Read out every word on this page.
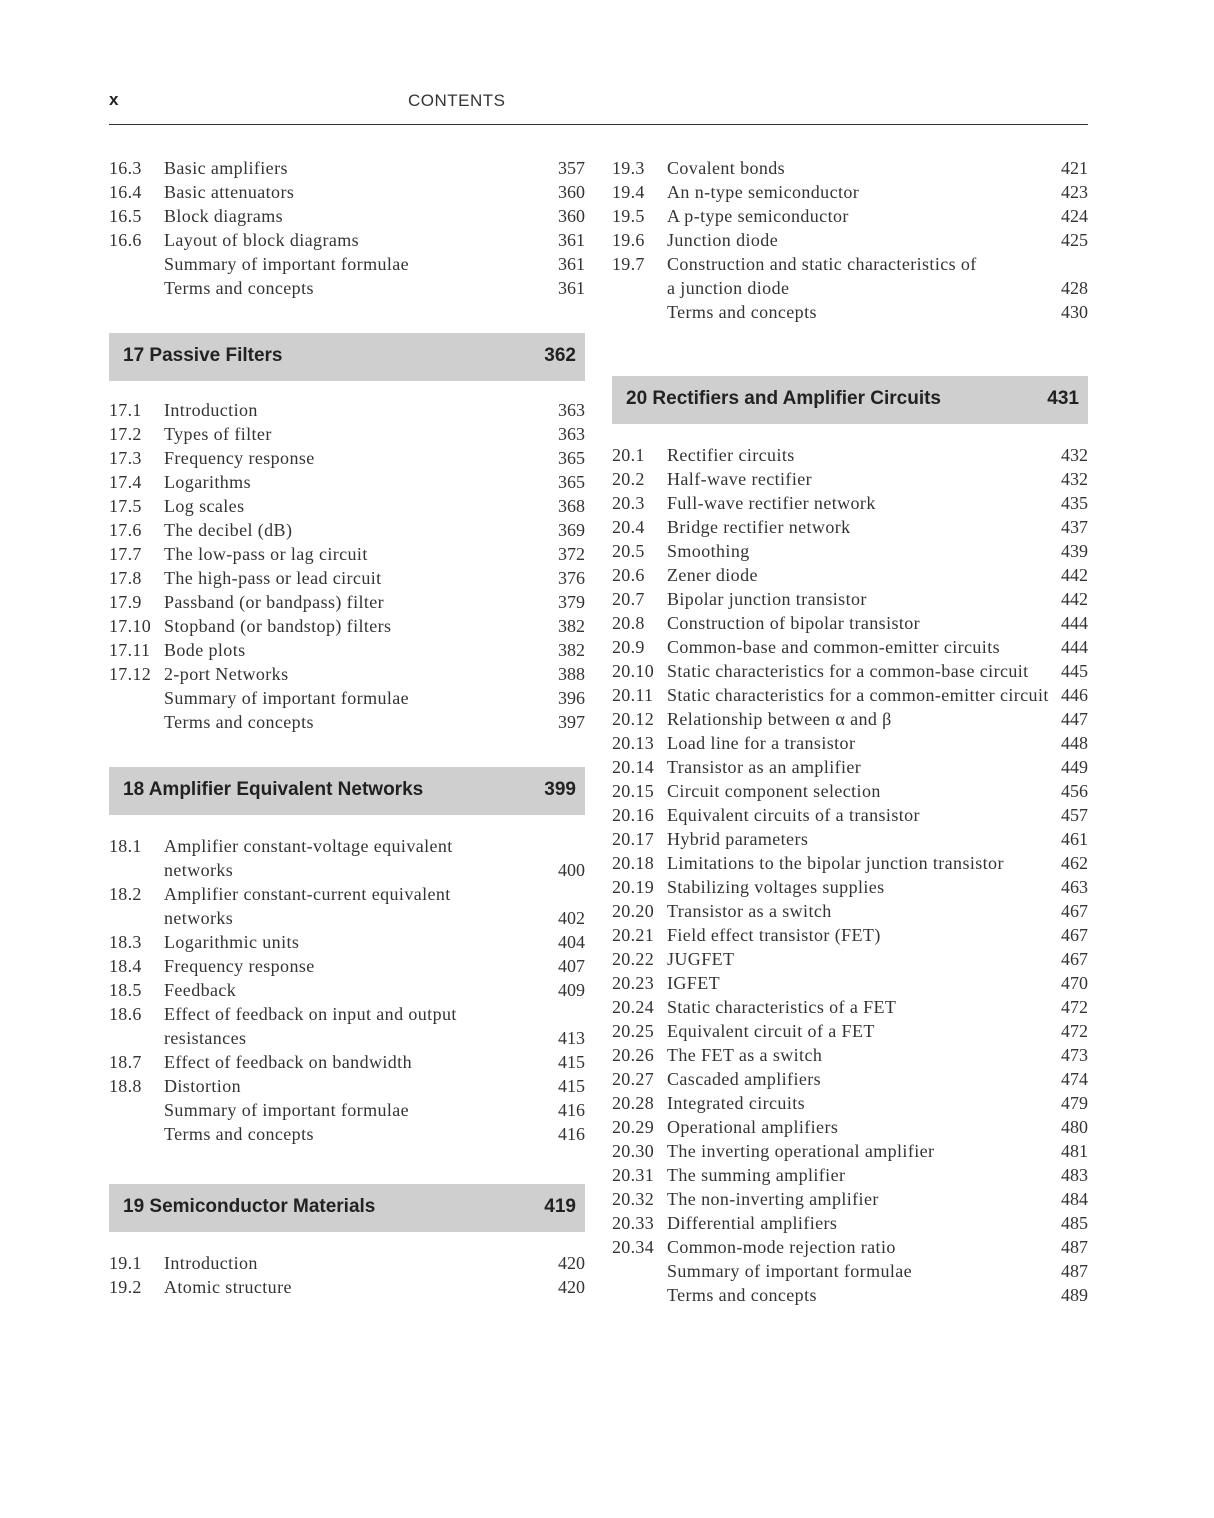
x	CONTENTS
16.3 Basic amplifiers	357
16.4 Basic attenuators	360
16.5 Block diagrams	360
16.6 Layout of block diagrams	361
Summary of important formulae	361
Terms and concepts	361
17 Passive Filters	362
17.1 Introduction	363
17.2 Types of filter	363
17.3 Frequency response	365
17.4 Logarithms	365
17.5 Log scales	368
17.6 The decibel (dB)	369
17.7 The low-pass or lag circuit	372
17.8 The high-pass or lead circuit	376
17.9 Passband (or bandpass) filter	379
17.10 Stopband (or bandstop) filters	382
17.11 Bode plots	382
17.12 2-port Networks	388
Summary of important formulae	396
Terms and concepts	397
18 Amplifier Equivalent Networks	399
18.1 Amplifier constant-voltage equivalent
networks	400
18.2 Amplifier constant-current equivalent
networks	402
18.3 Logarithmic units	404
18.4 Frequency response	407
18.5 Feedback	409
18.6 Effect of feedback on input and output
resistances	413
18.7 Effect of feedback on bandwidth	415
18.8 Distortion	415
Summary of important formulae	416
Terms and concepts	416
19 Semiconductor Materials	419
19.1 Introduction	420
19.2 Atomic structure	420
19.3 Covalent bonds	421
19.4 An n-type semiconductor	423
19.5 A p-type semiconductor	424
19.6 Junction diode	425
19.7 Construction and static characteristics of
a junction diode	428
Terms and concepts	430
20 Rectifiers and Amplifier Circuits	431
20.1 Rectifier circuits	432
20.2 Half-wave rectifier	432
20.3 Full-wave rectifier network	435
20.4 Bridge rectifier network	437
20.5 Smoothing	439
20.6 Zener diode	442
20.7 Bipolar junction transistor	442
20.8 Construction of bipolar transistor	444
20.9 Common-base and common-emitter circuits	444
20.10 Static characteristics for a common-base circuit 445
20.11 Static characteristics for a common-emitter circuit 446
20.12 Relationship between α and β	447
20.13 Load line for a transistor	448
20.14 Transistor as an amplifier	449
20.15 Circuit component selection	456
20.16 Equivalent circuits of a transistor	457
20.17 Hybrid parameters	461
20.18 Limitations to the bipolar junction transistor	462
20.19 Stabilizing voltages supplies	463
20.20 Transistor as a switch	467
20.21 Field effect transistor (FET)	467
20.22 JUGFET	467
20.23 IGFET	470
20.24 Static characteristics of a FET	472
20.25 Equivalent circuit of a FET	472
20.26 The FET as a switch	473
20.27 Cascaded amplifiers	474
20.28 Integrated circuits	479
20.29 Operational amplifiers	480
20.30 The inverting operational amplifier	481
20.31 The summing amplifier	483
20.32 The non-inverting amplifier	484
20.33 Differential amplifiers	485
20.34 Common-mode rejection ratio	487
Summary of important formulae	487
Terms and concepts	489
